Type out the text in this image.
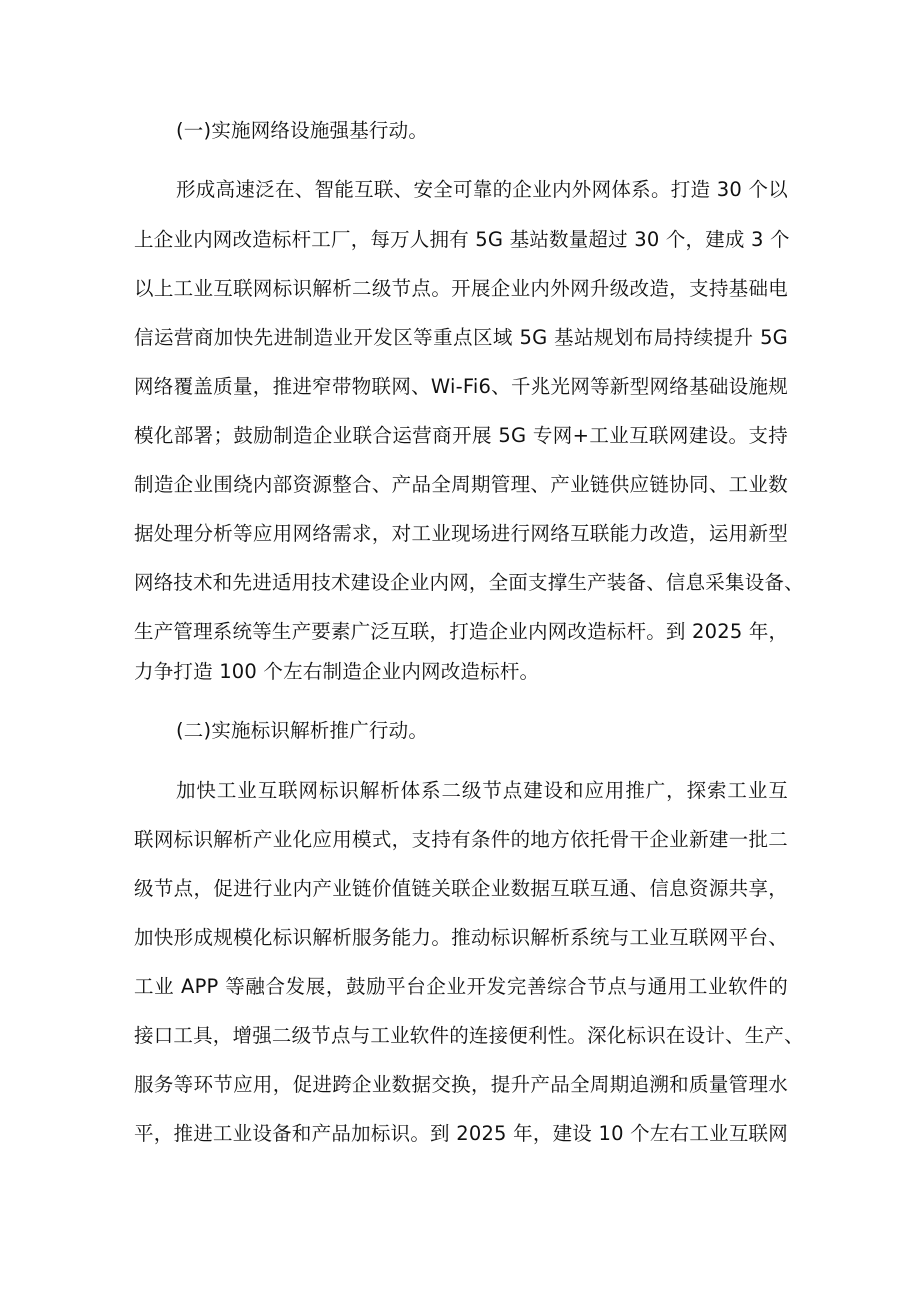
(一)实施网络设施强基行动。
形成高速泛在、智能互联、安全可靠的企业内外网体系。打造 30 个以
上企业内网改造标杆工厂，每万人拥有 5G 基站数量超过 30 个，建成 3 个
以上工业互联网标识解析二级节点。开展企业内外网升级改造，支持基础电
信运营商加快先进制造业开发区等重点区域 5G 基站规划布局持续提升 5G
网络覆盖质量，推进窄带物联网、Wi-Fi6、千兆光网等新型网络基础设施规
模化部署；鼓励制造企业联合运营商开展 5G 专网+工业互联网建设。支持
制造企业围绕内部资源整合、产品全周期管理、产业链供应链协同、工业数
据处理分析等应用网络需求，对工业现场进行网络互联能力改造，运用新型
网络技术和先进适用技术建设企业内网，全面支撑生产装备、信息采集设备、
生产管理系统等生产要素广泛互联，打造企业内网改造标杆。到 2025 年，
力争打造 100 个左右制造企业内网改造标杆。
(二)实施标识解析推广行动。
加快工业互联网标识解析体系二级节点建设和应用推广，探索工业互
联网标识解析产业化应用模式，支持有条件的地方依托骨干企业新建一批二
级节点，促进行业内产业链价值链关联企业数据互联互通、信息资源共享，
加快形成规模化标识解析服务能力。推动标识解析系统与工业互联网平台、
工业 APP 等融合发展，鼓励平台企业开发完善综合节点与通用工业软件的
接口工具，增强二级节点与工业软件的连接便利性。深化标识在设计、生产、
服务等环节应用，促进跨企业数据交换，提升产品全周期追溯和质量管理水
平，推进工业设备和产品加标识。到 2025 年，建设 10 个左右工业互联网
